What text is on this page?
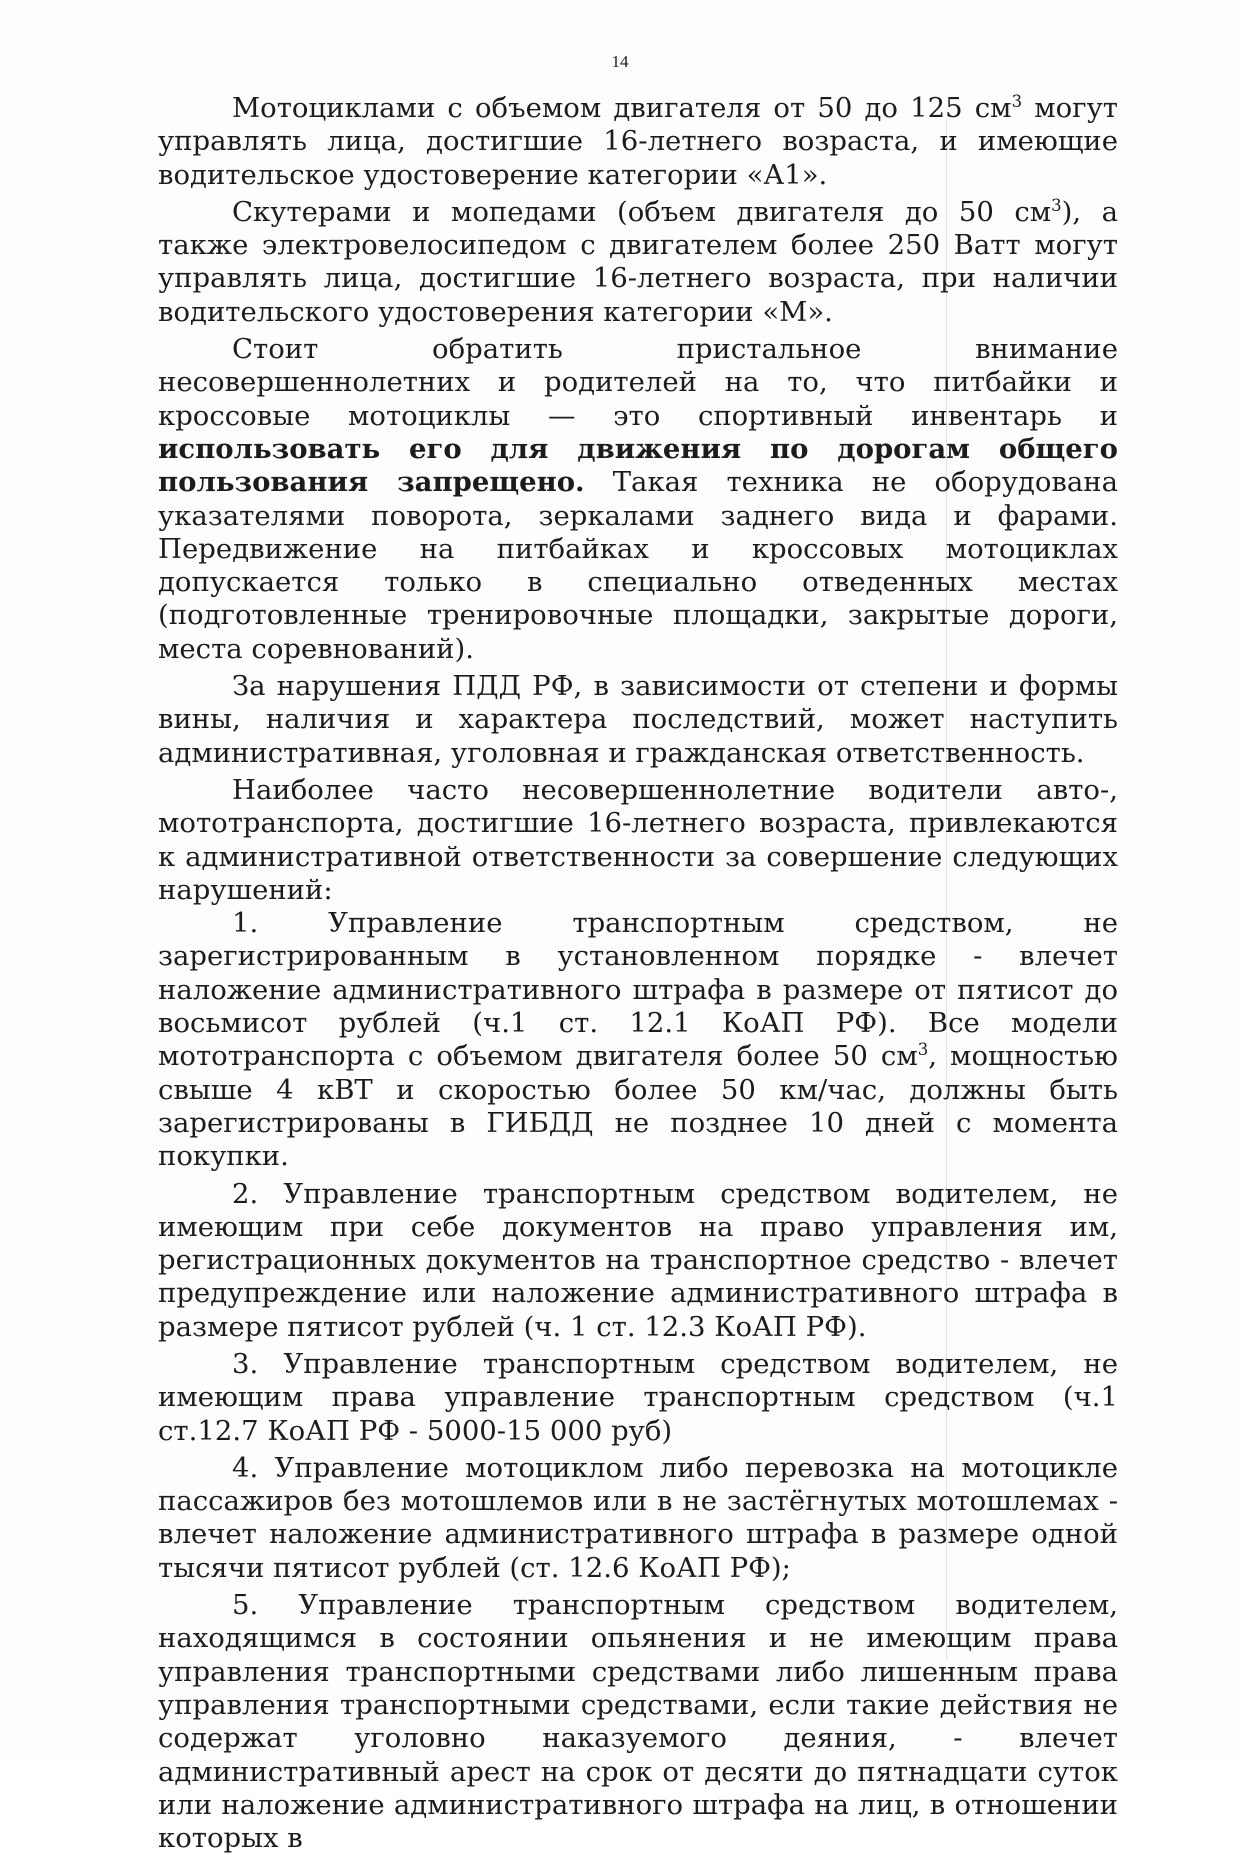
14

Мотоциклами с объемом двигателя от 50 до 125 $см^3$ могут управлять лица, достигшие 16-летнего возраста, и имеющие водительское удостоверение категории «А1».

Скутерами и мопедами (объем двигателя до 50 $см^3$), а также электровелосипедом с двигателем более 250 Ватт могут управлять лица, достигшие 16-летнего возраста, при наличии водительского удостоверения категории «М».

Стоит обратить пристальное внимание несовершеннолетних и родителей на то, что питбайки и кроссовые мотоциклы — это спортивный инвентарь и использовать его для движения по дорогам общего пользования запрещено. Такая техника не оборудована указателями поворота, зеркалами заднего вида и фарами. Передвижение на питбайках и кроссовых мотоциклах допускается только в специально отведенных местах (подготовленные тренировочные площадки, закрытые дороги, места соревнований).

За нарушения ПДД РФ, в зависимости от степени и формы вины, наличия и характера последствий, может наступить административная, уголовная и гражданская ответственность.

Наиболее часто несовершеннолетние водители авто-, мототранспорта, достигшие 16-летнего возраста, привлекаются к административной ответственности за совершение следующих нарушений:

1. Управление транспортным средством, не зарегистрированным в установленном порядке - влечет наложение административного штрафа в размере от пятисот до восьмисот рублей (ч.1 ст. 12.1 КоАП РФ). Все модели мототранспорта с объемом двигателя более 50 $см^3$, мощностью свыше 4 кВТ и скоростью более 50 км/час, должны быть зарегистрированы в ГИБДД не позднее 10 дней с момента покупки.

2. Управление транспортным средством водителем, не имеющим при себе документов на право управления им, регистрационных документов на транспортное средство - влечет предупреждение или наложение административного штрафа в размере пятисот рублей (ч. 1 ст. 12.3 КоАП РФ).

3. Управление транспортным средством водителем, не имеющим права управление транспортным средством (ч.1 ст.12.7 КоАП РФ - 5000-15 000 руб)

4. Управление мотоциклом либо перевозка на мотоцикле пассажиров без мотошлемов или в не застёгнутых мотошлемах - влечет наложение административного штрафа в размере одной тысячи пятисот рублей (ст. 12.6 КоАП РФ);

5. Управление транспортным средством водителем, находящимся в состоянии опьянения и не имеющим права управления транспортными средствами либо лишенным права управления транспортными средствами, если такие действия не содержат уголовно наказуемого деяния, - влечет административный арест на срок от десяти до пятнадцати суток или наложение административного штрафа на лиц, в отношении которых в
